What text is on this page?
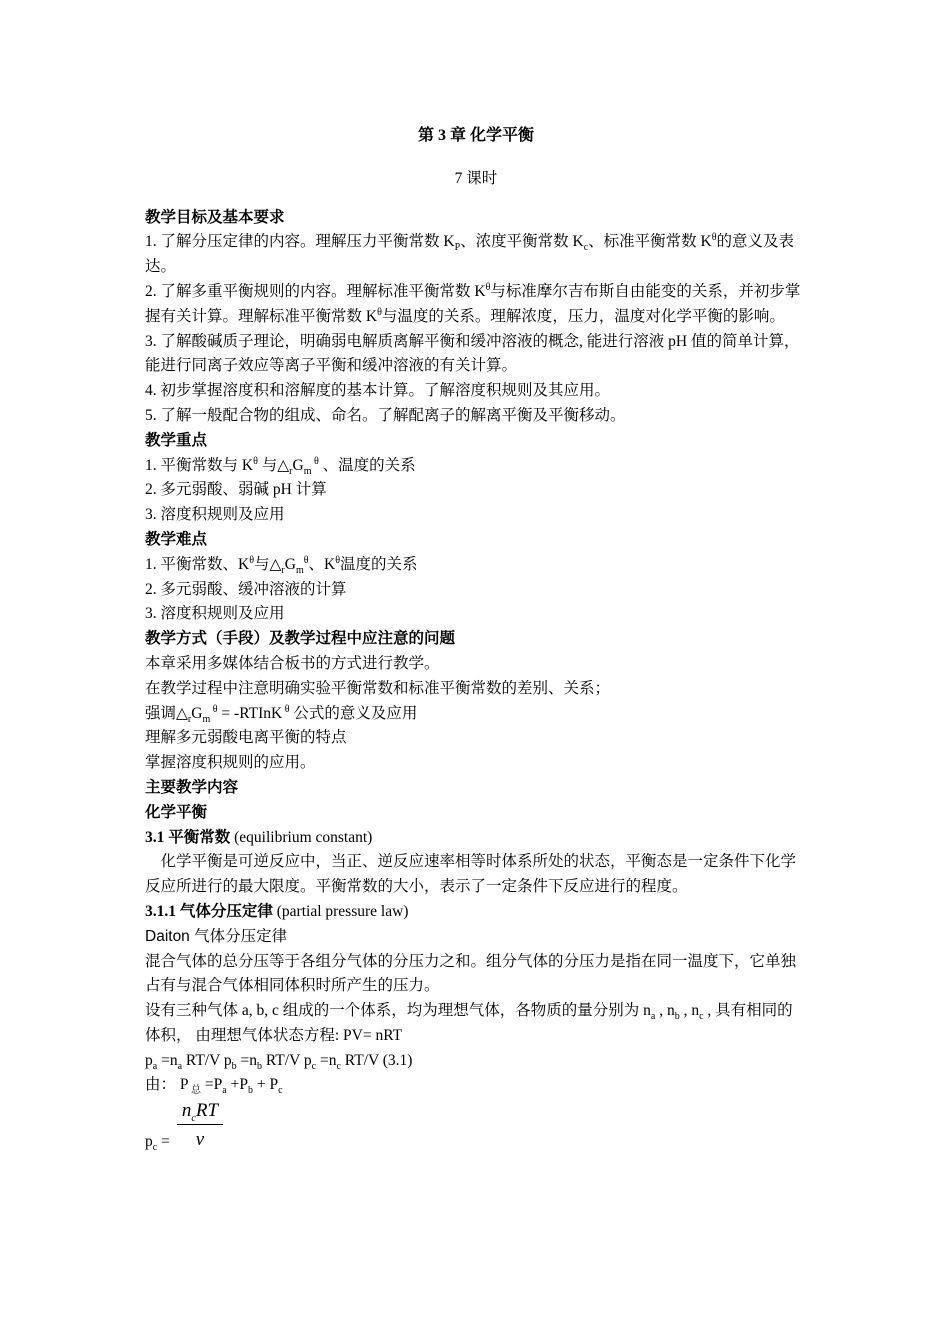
第 3 章 化学平衡

7 课时

教学目标及基本要求

1. 了解分压定律的内容。理解压力平衡常数 $K_P$、浓度平衡常数 $K_c$、标准平衡常数 $K^\theta$的意义及表达。

2. 了解多重平衡规则的内容。理解标准平衡常数 $K^\theta$与标准摩尔吉布斯自由能变的关系，并初步掌握有关计算。理解标准平衡常数 $K^\theta$与温度的关系。理解浓度，压力，温度对化学平衡的影响。

3. 了解酸碱质子理论，明确弱电解质离解平衡和缓冲溶液的概念, 能进行溶液 pH 值的简单计算，能进行同离子效应等离子平衡和缓冲溶液的有关计算。

4. 初步掌握溶度积和溶解度的基本计算。了解溶度积规则及其应用。

5. 了解一般配合物的组成、命名。了解配离子的解离平衡及平衡移动。

教学重点

1. 平衡常数与 $K^\theta$ 与$\triangle_rG_m$ $^\theta$ 、温度的关系

2. 多元弱酸、弱碱 pH 计算

3. 溶度积规则及应用

教学难点

1. 平衡常数、$K^\theta$与$\triangle_rG_m^\theta$、$K^\theta$温度的关系

2. 多元弱酸、缓冲溶液的计算

3. 溶度积规则及应用

教学方式（手段）及教学过程中应注意的问题

本章采用多媒体结合板书的方式进行教学。

在教学过程中注意明确实验平衡常数和标准平衡常数的差别、关系；

强调$\triangle_rG_m$ $^\theta$ = -RTInK $^\theta$ 公式的意义及应用

理解多元弱酸电离平衡的特点

掌握溶度积规则的应用。

主要教学内容

化学平衡

3.1 平衡常数 (equilibrium constant)

化学平衡是可逆反应中，当正、逆反应速率相等时体系所处的状态，平衡态是一定条件下化学反应所进行的最大限度。平衡常数的大小，表示了一定条件下反应进行的程度。

3.1.1 气体分压定律 (partial pressure law)

Daiton 气体分压定律

混合气体的总分压等于各组分气体的分压力之和。组分气体的分压力是指在同一温度下，它单独占有与混合气体相同体积时所产生的压力。

设有三种气体 a, b, c 组成的一个体系，均为理想气体，各物质的量分别为 $n_a$ , $n_b$ , $n_c$ , 具有相同的体积， 由理想气体状态方程: PV= nRT

$p_a =n_a$ RT/V $p_b =n_b$ RT/V $p_c =n_c$ RT/V (3.1)

由： P $_总 =P_a +P_b + P_c$

$n_cRT$
v
$p_c$ =
